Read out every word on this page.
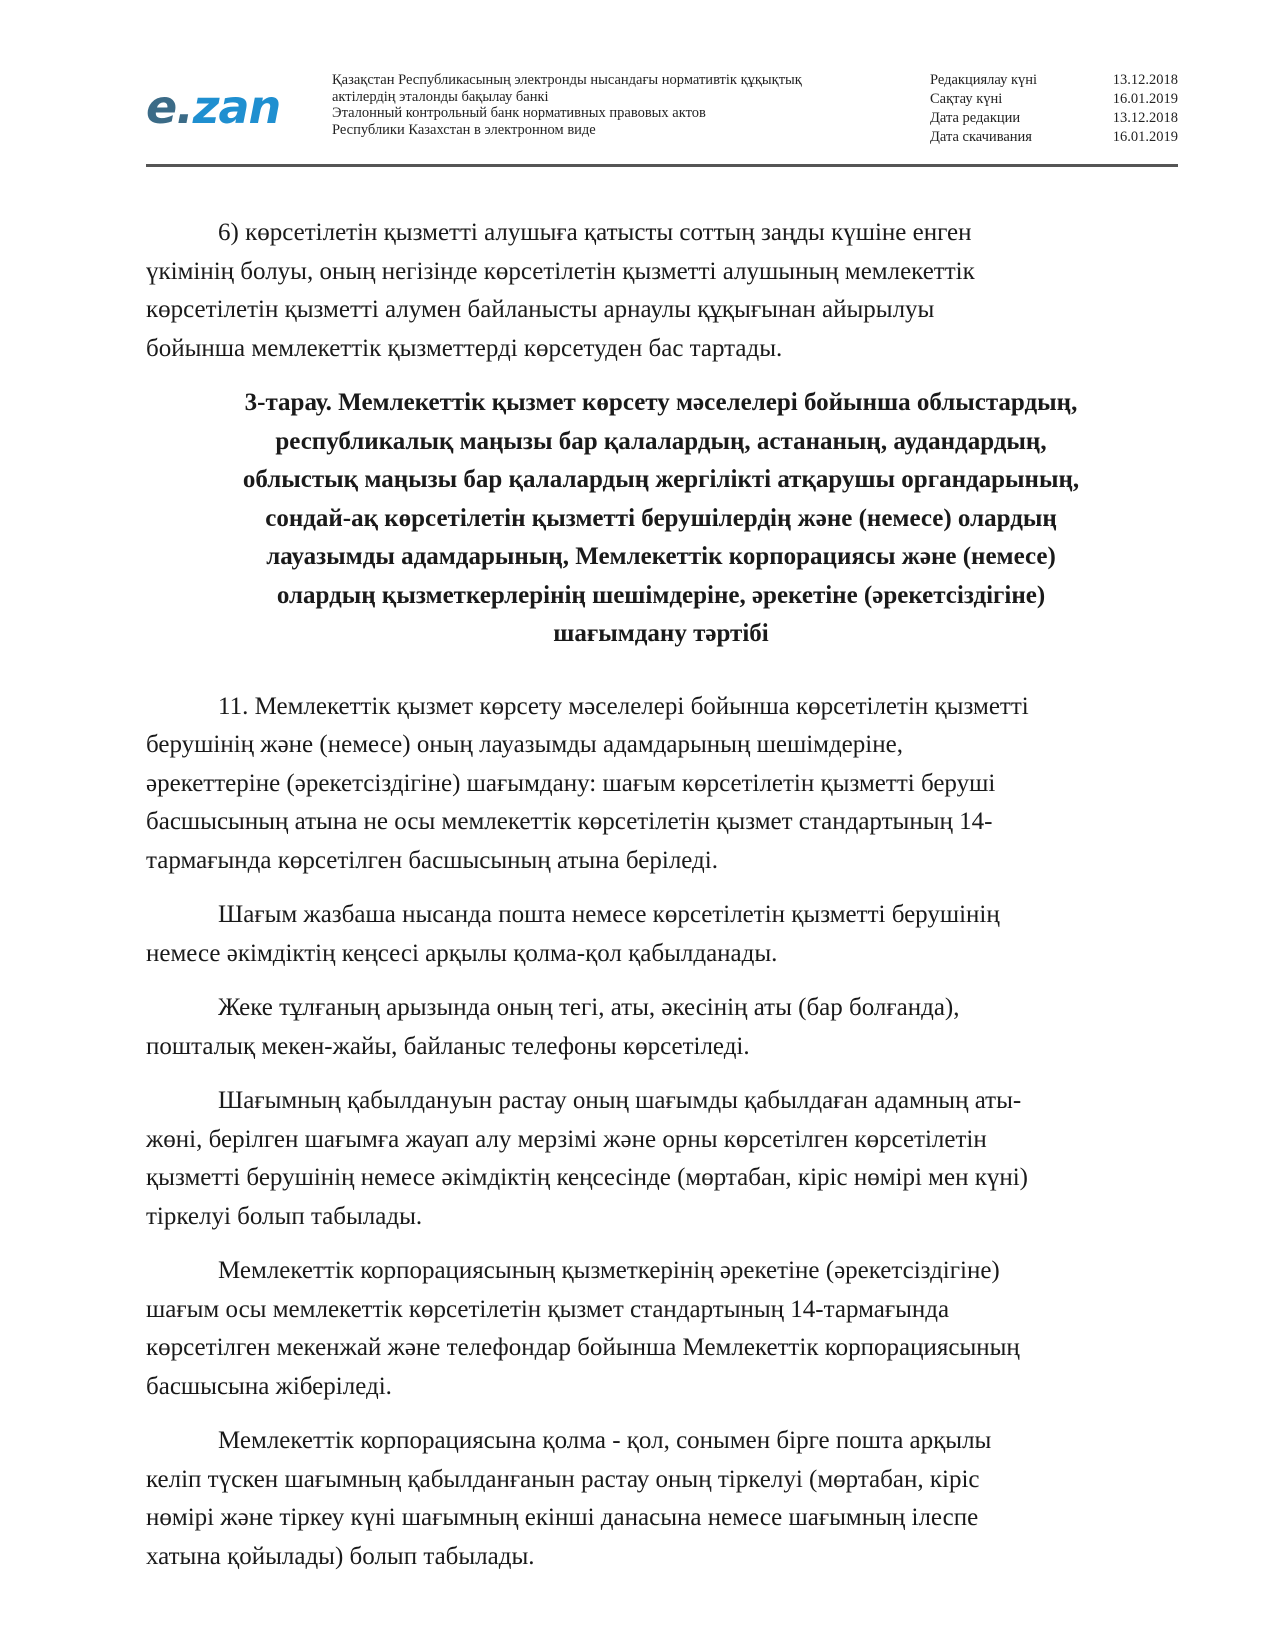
e.zan	Қазақстан Республикасының электронды нысандағы нормативтік құқықтық
актілердің эталонды бақылау банкі
Эталонный контрольный банк нормативных правовых актов
Республики Казахстан в электронном виде
Редакциялау күні	13.12.2018
Сақтау күні	16.01.2019
Дата редакции	13.12.2018
Дата скачивания	16.01.2019
6) көрсетілетін қызметті алушыға қатысты соттың заңды күшіне енген
үкімінің болуы, оның негізінде көрсетілетін қызметті алушының мемлекеттік
көрсетілетін қызметті алумен байланысты арнаулы құқығынан айырылуы
бойынша мемлекеттік қызметтерді көрсетуден бас тартады.
3-тарау. Мемлекеттік қызмет көрсету мәселелері бойынша облыстардың,
республикалық маңызы бар қалалардың, астананың, аудандардың,
облыстық маңызы бар қалалардың жергілікті атқарушы органдарының,
сондай-ақ көрсетілетін қызметті берушілердің және (немесе) олардың
лауазымды адамдарының, Мемлекеттік корпорациясы және (немесе)
олардың қызметкерлерінің шешімдеріне, әрекетіне (әрекетсіздігіне)
шағымдану тәртібі
11. Мемлекеттік қызмет көрсету мәселелері бойынша көрсетілетін қызметті
берушінің және (немесе) оның лауазымды адамдарының шешімдеріне,
әрекеттеріне (әрекетсіздігіне) шағымдану: шағым көрсетілетін қызметті беруші
басшысының атына не осы мемлекеттік көрсетілетін қызмет стандартының 14-
тармағында көрсетілген басшысының атына беріледі.
Шағым жазбаша нысанда пошта немесе көрсетілетін қызметті берушінің
немесе әкімдіктің кеңсесі арқылы қолма-қол қабылданады.
Жеке тұлғаның арызында оның тегі, аты, әкесінің аты (бар болғанда),
пошталық мекен-жайы, байланыс телефоны көрсетіледі.
Шағымның қабылдануын растау оның шағымды қабылдаған адамның аты-
жөні, берілген шағымға жауап алу мерзімі және орны көрсетілген көрсетілетін
қызметті берушінің немесе әкімдіктің кеңсесінде (мөртабан, кіріс нөмірі мен күні)
тіркелуі болып табылады.
Мемлекеттік корпорациясының қызметкерінің әрекетіне (әрекетсіздігіне)
шағым осы мемлекеттік көрсетілетін қызмет стандартының 14-тармағында
көрсетілген мекенжай және телефондар бойынша Мемлекеттік корпорациясының
басшысына жіберіледі.
Мемлекеттік корпорациясына қолма - қол, сонымен бірге пошта арқылы
келіп түскен шағымның қабылданғанын растау оның тіркелуі (мөртабан, кіріс
нөмірі және тіркеу күні шағымның екінші данасына немесе шағымның ілеспе
хатына қойылады) болып табылады.
